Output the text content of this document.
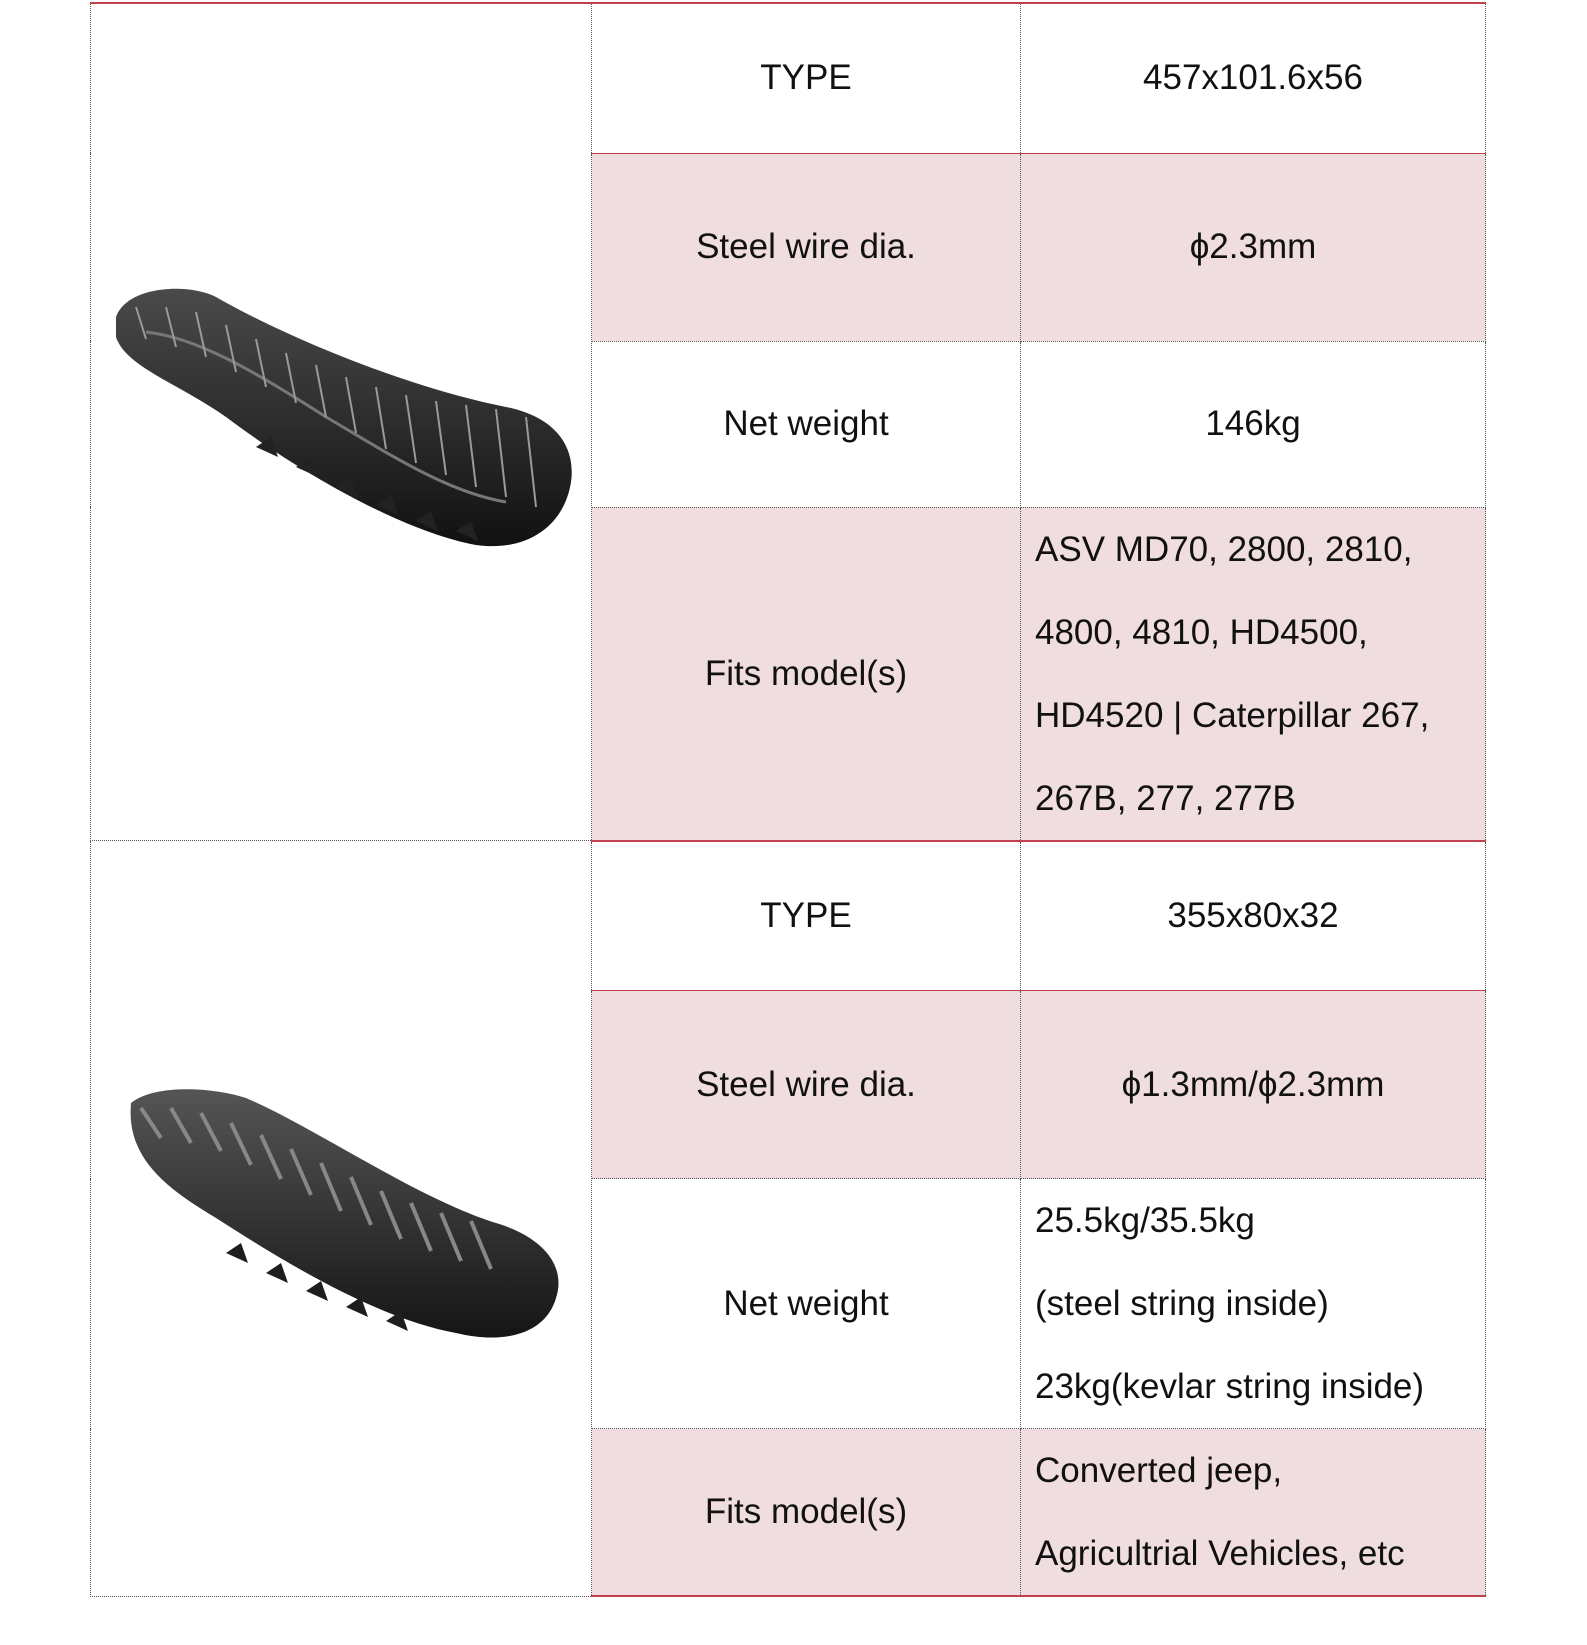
	TYPE	457x101.6x56
	Steel wire dia.	ϕ2.3mm
	Net weight	146kg
	Fits model(s)	ASV MD70, 2800, 2810,
4800, 4810, HD4500,
HD4520 | Caterpillar 267,
267B, 277, 277B

	TYPE	355x80x32
	Steel wire dia.	ϕ1.3mm/ϕ2.3mm
	Net weight	25.5kg/35.5kg
(steel string inside)
23kg(kevlar string inside)

	Fits model(s)	Converted jeep,
Agricultrial Vehicles, etc
